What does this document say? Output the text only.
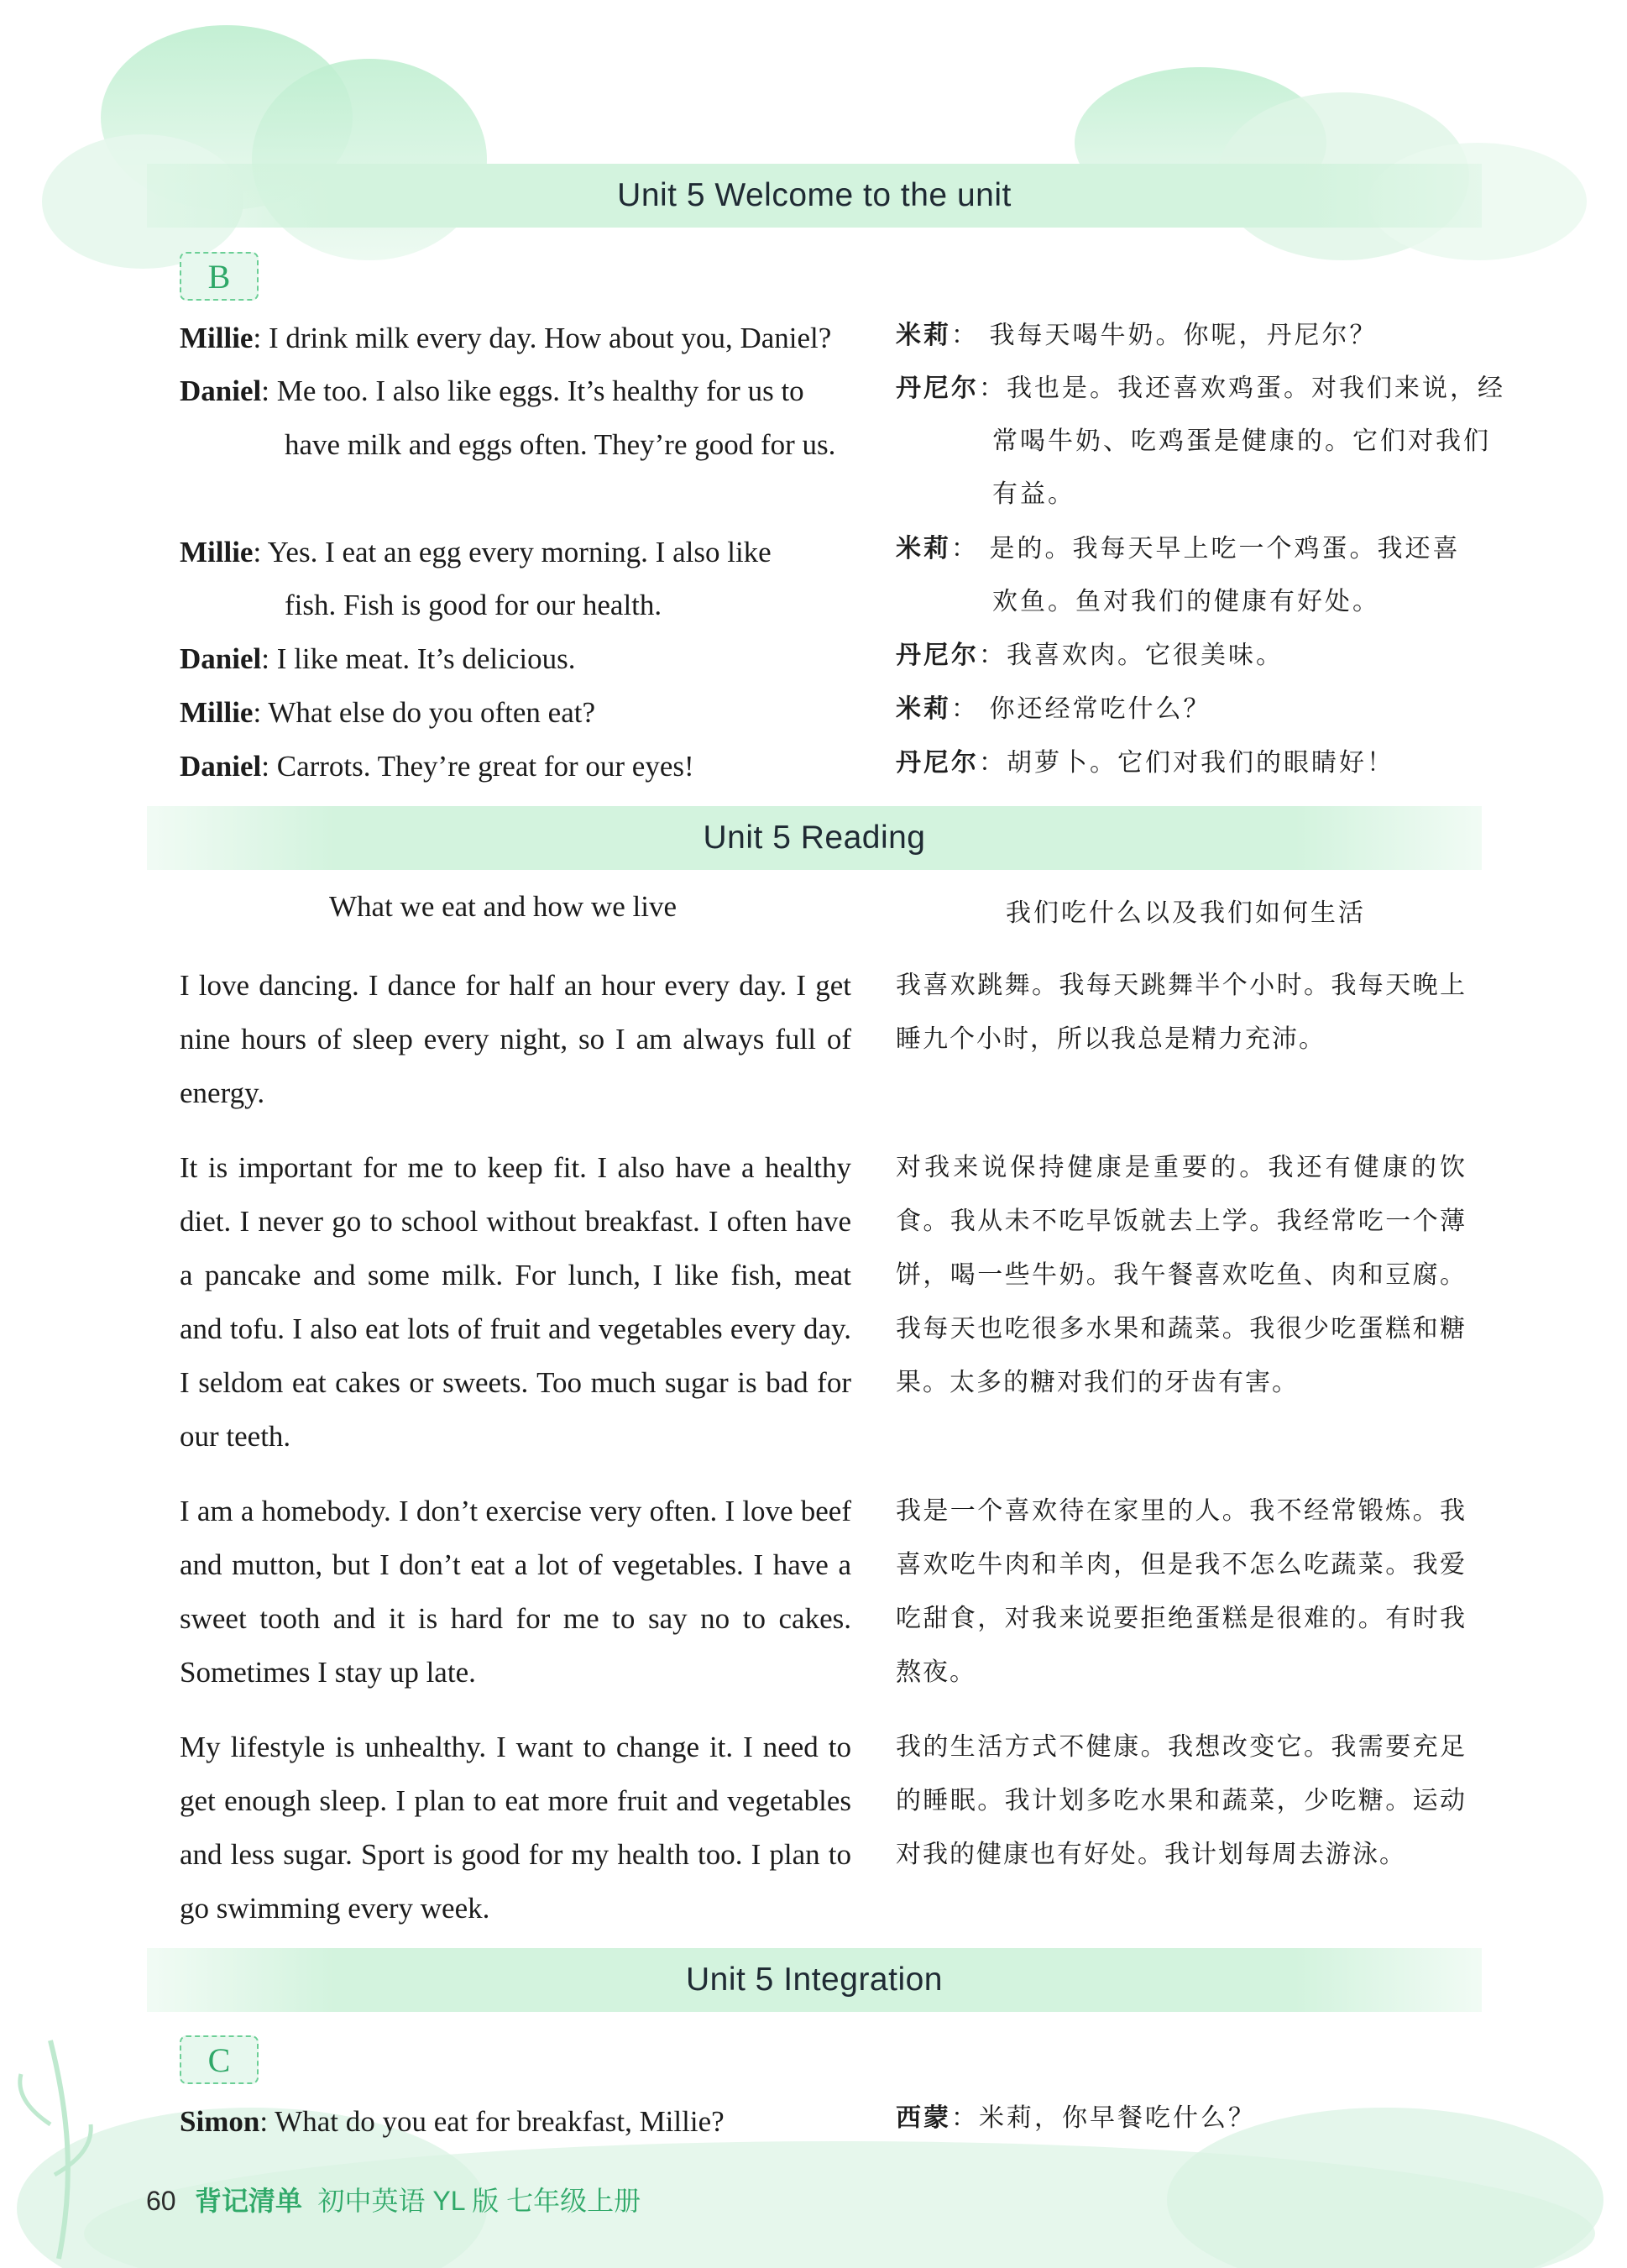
Unit 5 Welcome to the unit
B
Millie: I drink milk every day. How about you, Daniel?
Daniel: Me too. I also like eggs. It’s healthy for us to
have milk and eggs often. They’re good for us.
Millie: Yes. I eat an egg every morning. I also like
fish. Fish is good for our health.
Daniel: I like meat. It’s delicious.
Millie: What else do you often eat?
Daniel: Carrots. They’re great for our eyes!
米莉： 我每天喝牛奶。你呢，丹尼尔？
丹尼尔：我也是。我还喜欢鸡蛋。对我们来说，经
常喝牛奶、吃鸡蛋是健康的。它们对我们
有益。
米莉： 是的。我每天早上吃一个鸡蛋。我还喜
欢鱼。鱼对我们的健康有好处。
丹尼尔：我喜欢肉。它很美味。
米莉： 你还经常吃什么？
丹尼尔：胡萝卜。它们对我们的眼睛好！
Unit 5 Reading
What we eat and how we live	我们吃什么以及我们如何生活
I love dancing. I dance for half an hour every day. I get nine hours of sleep every night, so I am always full of energy.
It is important for me to keep fit. I also have a healthy diet. I never go to school without breakfast. I often have a pancake and some milk. For lunch, I like fish, meat and tofu. I also eat lots of fruit and vegetables every day. I seldom eat cakes or sweets. Too much sugar is bad for our teeth.
I am a homebody. I don’t exercise very often. I love beef and mutton, but I don’t eat a lot of vegetables. I have a sweet tooth and it is hard for me to say no to cakes. Sometimes I stay up late.
My lifestyle is unhealthy. I want to change it. I need to get enough sleep. I plan to eat more fruit and vegetables and less sugar. Sport is good for my health too. I plan to go swimming every week.
我喜欢跳舞。我每天跳舞半个小时。我每天晚上睡九个小时，所以我总是精力充沛。
对我来说保持健康是重要的。我还有健康的饮食。我从未不吃早饭就去上学。我经常吃一个薄饼，喝一些牛奶。我午餐喜欢吃鱼、肉和豆腐。我每天也吃很多水果和蔬菜。我很少吃蛋糕和糖果。太多的糖对我们的牙齿有害。
我是一个喜欢待在家里的人。我不经常锻炼。我喜欢吃牛肉和羊肉，但是我不怎么吃蔬菜。我爱吃甜食，对我来说要拒绝蛋糕是很难的。有时我熬夜。
我的生活方式不健康。我想改变它。我需要充足的睡眠。我计划多吃水果和蔬菜，少吃糖。运动对我的健康也有好处。我计划每周去游泳。
Unit 5 Integration
C
Simon: What do you eat for breakfast, Millie?	西蒙：米莉，你早餐吃什么？
60 背记清单 初中英语 YL 版 七年级上册
